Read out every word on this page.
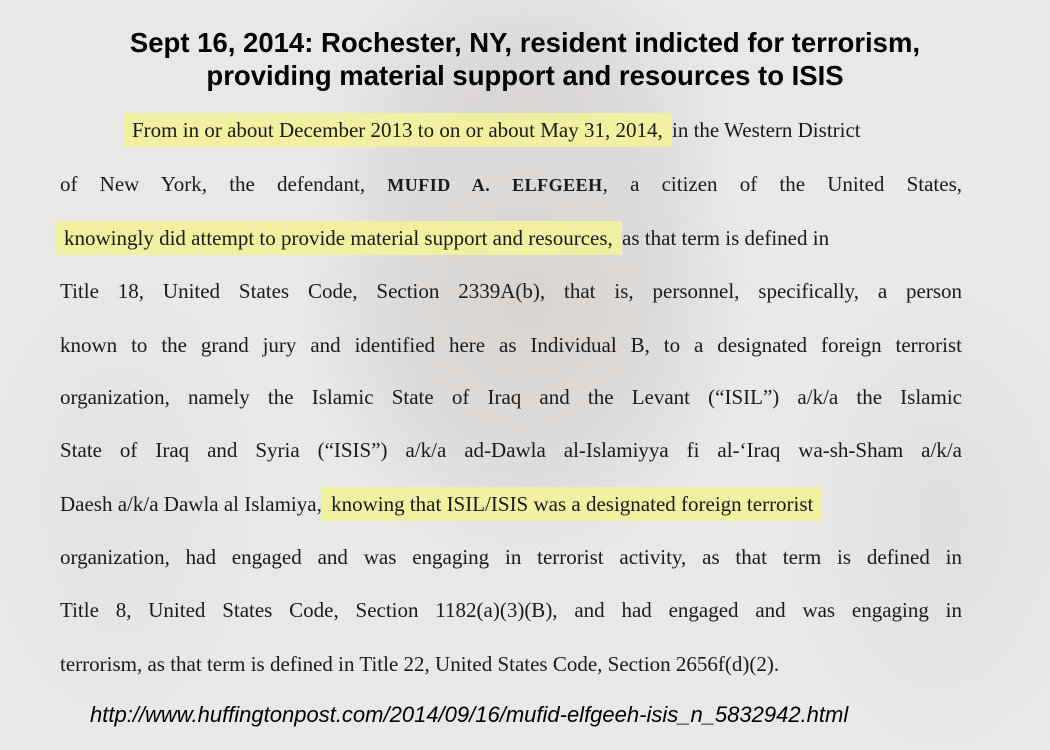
Sept 16, 2014: Rochester, NY, resident indicted for terrorism,
providing material support and resources to ISIS
From in or about December 2013 to on or about May 31, 2014, in the Western District
of New York, the defendant, MUFID A. ELFGEEH, a citizen of the United States,
knowingly did attempt to provide material support and resources, as that term is defined in
Title 18, United States Code, Section 2339A(b), that is, personnel, specifically, a person
known to the grand jury and identified here as Individual B, to a designated foreign terrorist
organization, namely the Islamic State of Iraq and the Levant (“ISIL”) a/k/a the Islamic
State of Iraq and Syria (“ISIS”) a/k/a ad-Dawla al-Islamiyya fi al-‘Iraq wa-sh-Sham a/k/a
Daesh a/k/a Dawla al Islamiya, knowing that ISIL/ISIS was a designated foreign terrorist
organization, had engaged and was engaging in terrorist activity, as that term is defined in
Title 8, United States Code, Section 1182(a)(3)(B), and had engaged and was engaging in
terrorism, as that term is defined in Title 22, United States Code, Section 2656f(d)(2).
http://www.huffingtonpost.com/2014/09/16/mufid-elfgeeh-isis_n_5832942.html
